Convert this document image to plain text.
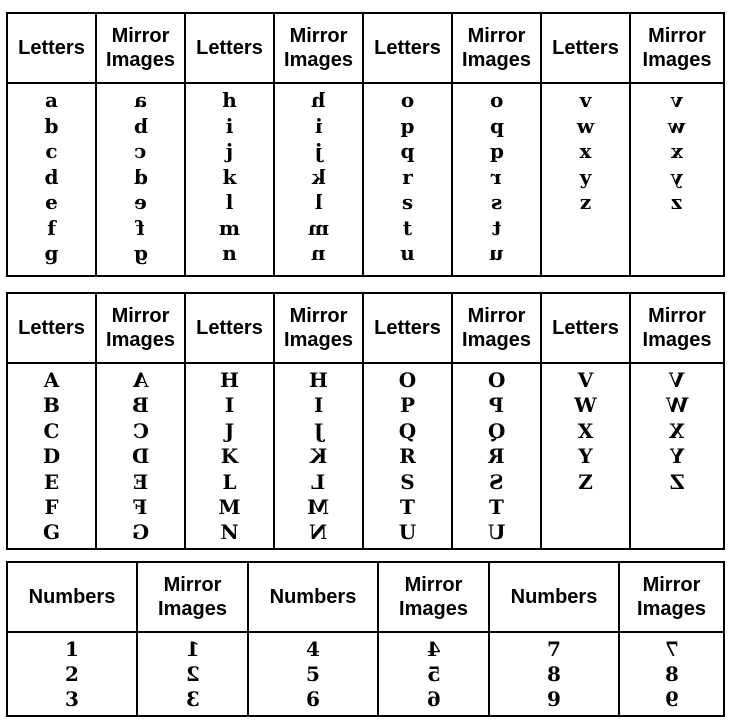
Letters
Mirror Images
Letters
Mirror Images
Letters
Mirror Images
Letters
Mirror Images
a
b
c
d
e
f
g
a
b
c
d
e
f
g
h
i
j
k
l
m
n
h
i
j
k
l
m
n
o
p
q
r
s
t
u
o
p
q
r
s
t
u
v
w
x
y
z
v
w
x
y
z
Letters
Mirror Images
Letters
Mirror Images
Letters
Mirror Images
Letters
Mirror Images
A
B
C
D
E
F
G
A
B
C
D
E
F
G
H
I
J
K
L
M
N
H
I
J
K
L
M
N
O
P
Q
R
S
T
U
O
P
Q
R
S
T
U
V
W
X
Y
Z
V
W
X
Y
Z
Numbers
Mirror Images
Numbers
Mirror Images
Numbers
Mirror Images
1
2
3
1
2
3
4
5
6
4
5
6
7
8
9
7
8
9
